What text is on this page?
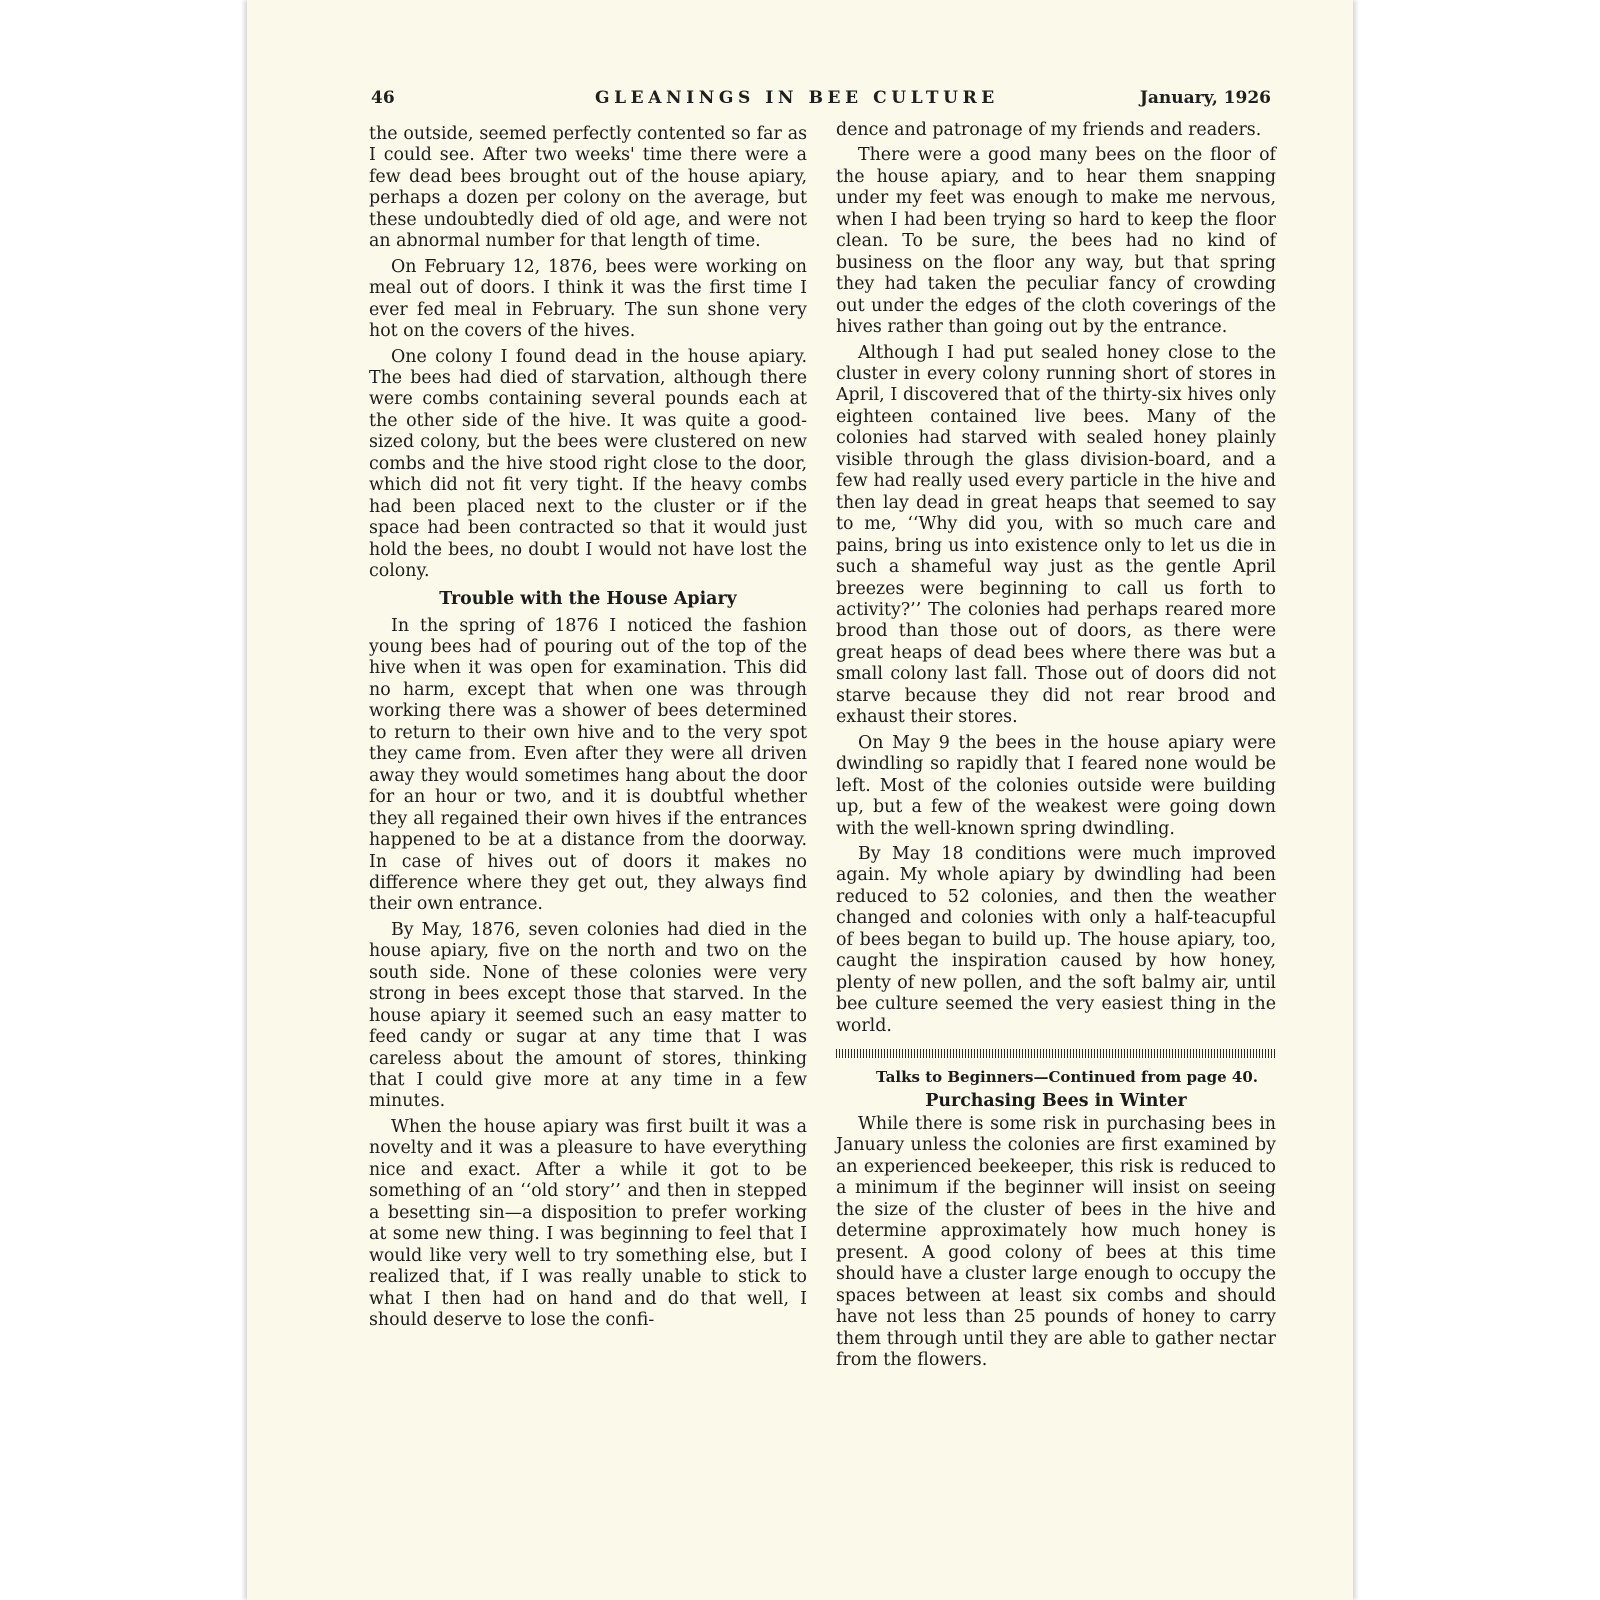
46	GLEANINGS IN BEE CULTURE	January, 1926

the outside, seemed perfectly contented so far as I could see. After two weeks' time there were a few dead bees brought out of the house apiary, perhaps a dozen per colony on the average, but these undoubtedly died of old age, and were not an abnormal number for that length of time.

On February 12, 1876, bees were working on meal out of doors. I think it was the first time I ever fed meal in February. The sun shone very hot on the covers of the hives.

One colony I found dead in the house apiary. The bees had died of starvation, although there were combs containing several pounds each at the other side of the hive. It was quite a good-sized colony, but the bees were clustered on new combs and the hive stood right close to the door, which did not fit very tight. If the heavy combs had been placed next to the cluster or if the space had been contracted so that it would just hold the bees, no doubt I would not have lost the colony.

Trouble with the House Apiary

In the spring of 1876 I noticed the fashion young bees had of pouring out of the top of the hive when it was open for examination. This did no harm, except that when one was through working there was a shower of bees determined to return to their own hive and to the very spot they came from. Even after they were all driven away they would sometimes hang about the door for an hour or two, and it is doubtful whether they all regained their own hives if the entrances happened to be at a distance from the doorway. In case of hives out of doors it makes no difference where they get out, they always find their own entrance.

By May, 1876, seven colonies had died in the house apiary, five on the north and two on the south side. None of these colonies were very strong in bees except those that starved. In the house apiary it seemed such an easy matter to feed candy or sugar at any time that I was careless about the amount of stores, thinking that I could give more at any time in a few minutes.

When the house apiary was first built it was a novelty and it was a pleasure to have everything nice and exact. After a while it got to be something of an ‘‘old story’’ and then in stepped a besetting sin—a disposition to prefer working at some new thing. I was beginning to feel that I would like very well to try something else, but I realized that, if I was really unable to stick to what I then had on hand and do that well, I should deserve to lose the confi-

dence and patronage of my friends and readers.

There were a good many bees on the floor of the house apiary, and to hear them snapping under my feet was enough to make me nervous, when I had been trying so hard to keep the floor clean. To be sure, the bees had no kind of business on the floor any way, but that spring they had taken the peculiar fancy of crowding out under the edges of the cloth coverings of the hives rather than going out by the entrance.

Although I had put sealed honey close to the cluster in every colony running short of stores in April, I discovered that of the thirty-six hives only eighteen contained live bees. Many of the colonies had starved with sealed honey plainly visible through the glass division-board, and a few had really used every particle in the hive and then lay dead in great heaps that seemed to say to me, ‘‘Why did you, with so much care and pains, bring us into existence only to let us die in such a shameful way just as the gentle April breezes were beginning to call us forth to activity?’’ The colonies had perhaps reared more brood than those out of doors, as there were great heaps of dead bees where there was but a small colony last fall. Those out of doors did not starve because they did not rear brood and exhaust their stores.

On May 9 the bees in the house apiary were dwindling so rapidly that I feared none would be left. Most of the colonies outside were building up, but a few of the weakest were going down with the well-known spring dwindling.

By May 18 conditions were much improved again. My whole apiary by dwindling had been reduced to 52 colonies, and then the weather changed and colonies with only a half-teacupful of bees began to build up. The house apiary, too, caught the inspiration caused by how honey, plenty of new pollen, and the soft balmy air, until bee culture seemed the very easiest thing in the world.

Talks to Beginners—Continued from page 40.

Purchasing Bees in Winter

While there is some risk in purchasing bees in January unless the colonies are first examined by an experienced beekeeper, this risk is reduced to a minimum if the beginner will insist on seeing the size of the cluster of bees in the hive and determine approximately how much honey is present. A good colony of bees at this time should have a cluster large enough to occupy the spaces between at least six combs and should have not less than 25 pounds of honey to carry them through until they are able to gather nectar from the flowers.
